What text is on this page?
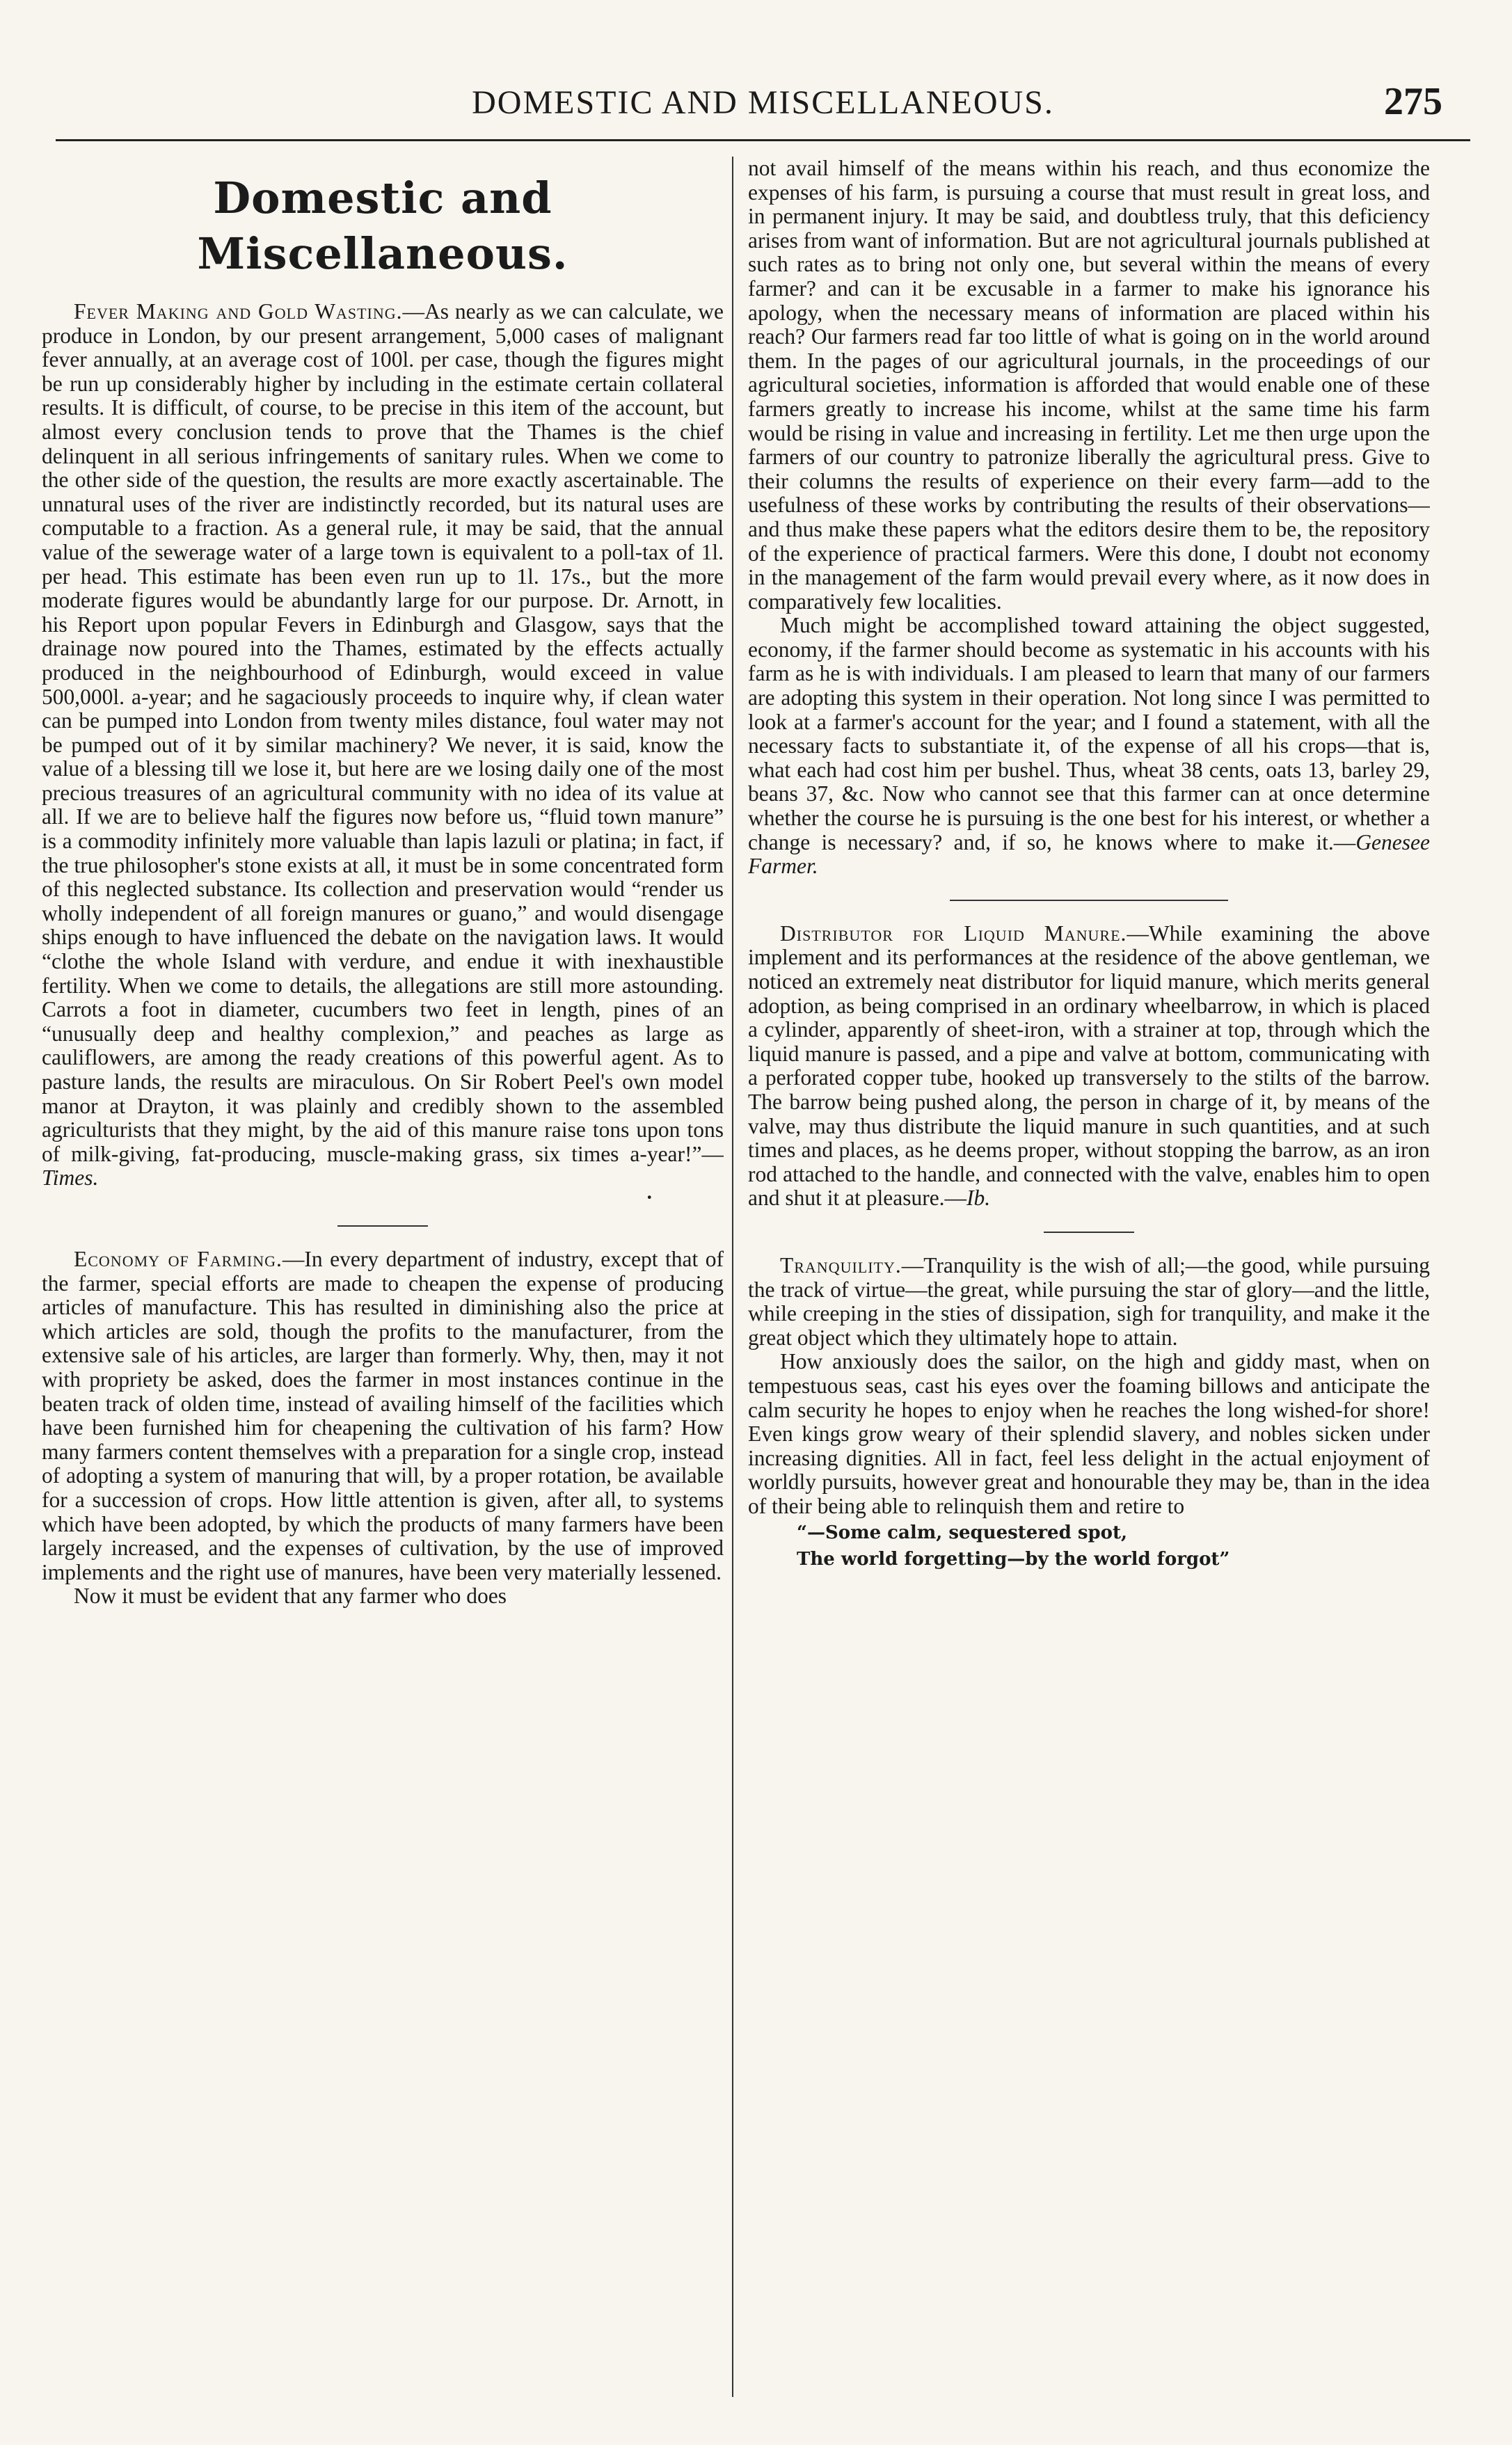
DOMESTIC AND MISCELLANEOUS.	275
Domestic and Miscellaneous.

Fever Making and Gold Wasting.—As nearly as we can calculate, we produce in London, by our present arrangement, 5,000 cases of malignant fever annually, at an average cost of 100l. per case, though the figures might be run up considerably higher by including in the estimate certain collateral results. It is difficult, of course, to be precise in this item of the account, but almost every conclusion tends to prove that the Thames is the chief delinquent in all serious infringements of sanitary rules. When we come to the other side of the question, the results are more exactly ascertainable. The unnatural uses of the river are indistinctly recorded, but its natural uses are computable to a fraction. As a general rule, it may be said, that the annual value of the sewerage water of a large town is equivalent to a poll-tax of 1l. per head. This estimate has been even run up to 1l. 17s., but the more moderate figures would be abundantly large for our purpose. Dr. Arnott, in his Report upon popular Fevers in Edinburgh and Glasgow, says that the drainage now poured into the Thames, estimated by the effects actually produced in the neighbourhood of Edinburgh, would exceed in value 500,000l. a-year; and he sagaciously proceeds to inquire why, if clean water can be pumped into London from twenty miles distance, foul water may not be pumped out of it by similar machinery? We never, it is said, know the value of a blessing till we lose it, but here are we losing daily one of the most precious treasures of an agricultural community with no idea of its value at all. If we are to believe half the figures now before us, “fluid town manure” is a commodity infinitely more valuable than lapis lazuli or platina; in fact, if the true philosopher's stone exists at all, it must be in some concentrated form of this neglected substance. Its collection and preservation would “render us wholly independent of all foreign manures or guano,” and would disengage ships enough to have influenced the debate on the navigation laws. It would “clothe the whole Island with verdure, and endue it with inexhaustible fertility. When we come to details, the allegations are still more astounding. Carrots a foot in diameter, cucumbers two feet in length, pines of an “unusually deep and healthy complexion,” and peaches as large as cauliflowers, are among the ready creations of this powerful agent. As to pasture lands, the results are miraculous. On Sir Robert Peel's own model manor at Drayton, it was plainly and credibly shown to the assembled agriculturists that they might, by the aid of this manure raise tons upon tons of milk-giving, fat-producing, muscle-making grass, six times a-year!”—Times.

·

Economy of Farming.—In every department of industry, except that of the farmer, special efforts are made to cheapen the expense of producing articles of manufacture. This has resulted in diminishing also the price at which articles are sold, though the profits to the manufacturer, from the extensive sale of his articles, are larger than formerly. Why, then, may it not with propriety be asked, does the farmer in most instances continue in the beaten track of olden time, instead of availing himself of the facilities which have been furnished him for cheapening the cultivation of his farm? How many farmers content themselves with a preparation for a single crop, instead of adopting a system of manuring that will, by a proper rotation, be available for a succession of crops. How little attention is given, after all, to systems which have been adopted, by which the products of many farmers have been largely increased, and the expenses of cultivation, by the use of improved implements and the right use of manures, have been very materially lessened.

Now it must be evident that any farmer who does

not avail himself of the means within his reach, and thus economize the expenses of his farm, is pursuing a course that must result in great loss, and in permanent injury. It may be said, and doubtless truly, that this deficiency arises from want of information. But are not agricultural journals published at such rates as to bring not only one, but several within the means of every farmer? and can it be excusable in a farmer to make his ignorance his apology, when the necessary means of information are placed within his reach? Our farmers read far too little of what is going on in the world around them. In the pages of our agricultural journals, in the proceedings of our agricultural societies, information is afforded that would enable one of these farmers greatly to increase his income, whilst at the same time his farm would be rising in value and increasing in fertility. Let me then urge upon the farmers of our country to patronize liberally the agricultural press. Give to their columns the results of experience on their every farm—add to the usefulness of these works by contributing the results of their observations—and thus make these papers what the editors desire them to be, the repository of the experience of practical farmers. Were this done, I doubt not economy in the management of the farm would prevail every where, as it now does in comparatively few localities.

Much might be accomplished toward attaining the object suggested, economy, if the farmer should become as systematic in his accounts with his farm as he is with individuals. I am pleased to learn that many of our farmers are adopting this system in their operation. Not long since I was permitted to look at a farmer's account for the year; and I found a statement, with all the necessary facts to substantiate it, of the expense of all his crops—that is, what each had cost him per bushel. Thus, wheat 38 cents, oats 13, barley 29, beans 37, &c. Now who cannot see that this farmer can at once determine whether the course he is pursuing is the one best for his interest, or whether a change is necessary? and, if so, he knows where to make it.—Genesee Farmer.

Distributor for Liquid Manure.—While examining the above implement and its performances at the residence of the above gentleman, we noticed an extremely neat distributor for liquid manure, which merits general adoption, as being comprised in an ordinary wheelbarrow, in which is placed a cylinder, apparently of sheet-iron, with a strainer at top, through which the liquid manure is passed, and a pipe and valve at bottom, communicating with a perforated copper tube, hooked up transversely to the stilts of the barrow. The barrow being pushed along, the person in charge of it, by means of the valve, may thus distribute the liquid manure in such quantities, and at such times and places, as he deems proper, without stopping the barrow, as an iron rod attached to the handle, and connected with the valve, enables him to open and shut it at pleasure.—Ib.

Tranquility.—Tranquility is the wish of all;—the good, while pursuing the track of virtue—the great, while pursuing the star of glory—and the little, while creeping in the sties of dissipation, sigh for tranquility, and make it the great object which they ultimately hope to attain.

How anxiously does the sailor, on the high and giddy mast, when on tempestuous seas, cast his eyes over the foaming billows and anticipate the calm security he hopes to enjoy when he reaches the long wished-for shore! Even kings grow weary of their splendid slavery, and nobles sicken under increasing dignities. All in fact, feel less delight in the actual enjoyment of worldly pursuits, however great and honourable they may be, than in the idea of their being able to relinquish them and retire to

“—Some calm, sequestered spot,
The world forgetting—by the world forgot”
